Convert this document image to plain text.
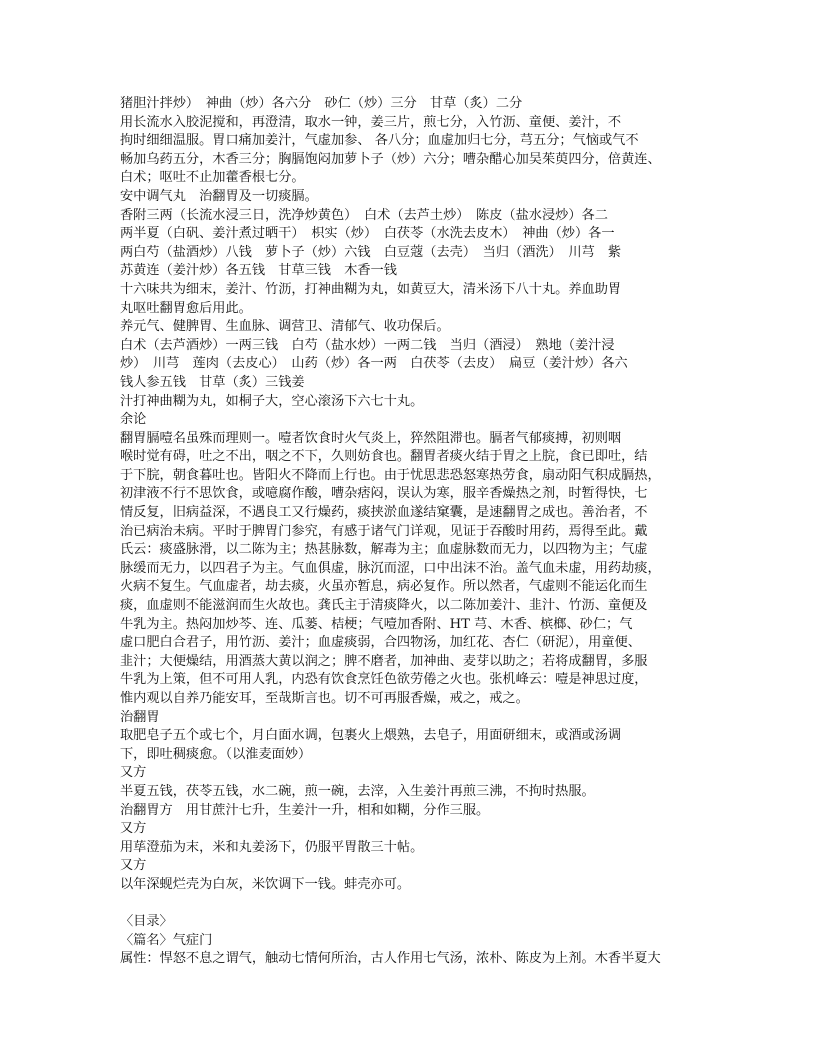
猪胆汁拌炒）　神曲（炒）各六分　砂仁（炒）三分　甘草（炙）二分
用长流水入胶泥搅和，再澄清，取水一钟，姜三片，煎七分，入竹沥、童便、姜汁，不
拘时细细温服。胃口痛加姜汁，气虚加参、 各八分；血虚加归七分，芎五分；气恼或气不
畅加乌药五分，木香三分；胸膈饱闷加萝卜子（炒）六分；嘈杂醋心加吴茱萸四分，倍黄连、
白术；呕吐不止加藿香根七分。
安中调气丸　治翻胃及一切痰膈。
香附三两（长流水浸三日，洗净炒黄色）　白术（去芦土炒）　陈皮（盐水浸炒）各二
两半夏（白矾、姜汁煮过晒干）　枳实（炒）　白茯苓（水洗去皮木）　神曲（炒）各一
两白芍（盐酒炒）八钱　萝卜子（炒）六钱　白豆蔻（去壳）　当归（酒洗）　川芎　紫
苏黄连（姜汁炒）各五钱　甘草三钱　木香一钱
十六味共为细末，姜汁、竹沥，打神曲糊为丸，如黄豆大，清米汤下八十丸。养血助胃
丸呕吐翻胃愈后用此。
养元气、健脾胃、生血脉、调营卫、清郁气、收功保后。
白术（去芦酒炒）一两三钱　白芍（盐水炒）一两二钱　当归（酒浸）　熟地（姜汁浸
炒）　川芎　莲肉（去皮心）　山药（炒）各一两　白茯苓（去皮）　扁豆（姜汁炒）各六
钱人参五钱　甘草（炙）三钱姜
汁打神曲糊为丸，如桐子大，空心滚汤下六七十丸。
余论
翻胃膈噎名虽殊而理则一。噎者饮食时火气炎上，猝然阻滞也。膈者气郁痰搏，初则咽
喉时觉有碍，吐之不出，咽之不下，久则妨食也。翻胃者痰火结于胃之上脘，食已即吐，结
于下脘，朝食暮吐也。皆阳火不降而上行也。由于忧思悲恐怒寒热劳食，扇动阳气积成膈热，
初津液不行不思饮食，或噫腐作酸，嘈杂痞闷，误认为寒，服辛香燥热之剂，时暂得快，七
情反复，旧病益深，不遇良工又行燥药，痰挟淤血遂结窠囊，是速翻胃之成也。善治者，不
治已病治未病。平时于脾胃门参究，有感于诸气门详观，见证于吞酸时用药，焉得至此。戴
氏云：痰盛脉滑，以二陈为主；热甚脉数，解毒为主；血虚脉数而无力，以四物为主；气虚
脉缓而无力，以四君子为主。气血俱虚，脉沉而涩，口中出沫不治。盖气血未虚，用药劫痰，
火病不复生。气血虚者，劫去痰，火虽亦暂息，病必复作。所以然者，气虚则不能运化而生
痰，血虚则不能滋润而生火故也。龚氏主于清痰降火，以二陈加姜汁、韭汁、竹沥、童便及
牛乳为主。热闷加炒芩、连、瓜蒌、桔梗；气噎加香附、HT 芎、木香、槟榔、砂仁；气
虚口肥白合君子，用竹沥、姜汁；血虚痰弱，合四物汤，加红花、杏仁（研泥），用童便、
韭汁；大便燥结，用酒蒸大黄以润之；脾不磨者，加神曲、麦芽以助之；若将成翻胃，多服
牛乳为上策，但不可用人乳，内恐有饮食烹饪色欲劳倦之火也。张机峰云：噎是神思过度，
惟内观以自养乃能安耳，至哉斯言也。切不可再服香燥，戒之，戒之。
治翻胃
取肥皂子五个或七个，月白面水调，包裹火上煨熟，去皂子，用面研细末，或酒或汤调
下，即吐稠痰愈。（以淮麦面妙）
又方
半夏五钱，茯苓五钱，水二碗，煎一碗，去滓，入生姜汁再煎三沸，不拘时热服。
治翻胃方　用甘蔗汁七升，生姜汁一升，相和如糊，分作三服。
又方
用荜澄茄为末，米和丸姜汤下，仍服平胃散三十帖。
又方
以年深蚬烂壳为白灰，米饮调下一钱。蚌壳亦可。
〈目录〉
〈篇名〉气症门
属性：悍怒不息之谓气，触动七情何所治，古人作用七气汤，浓朴、陈皮为上剂。木香半夏大
